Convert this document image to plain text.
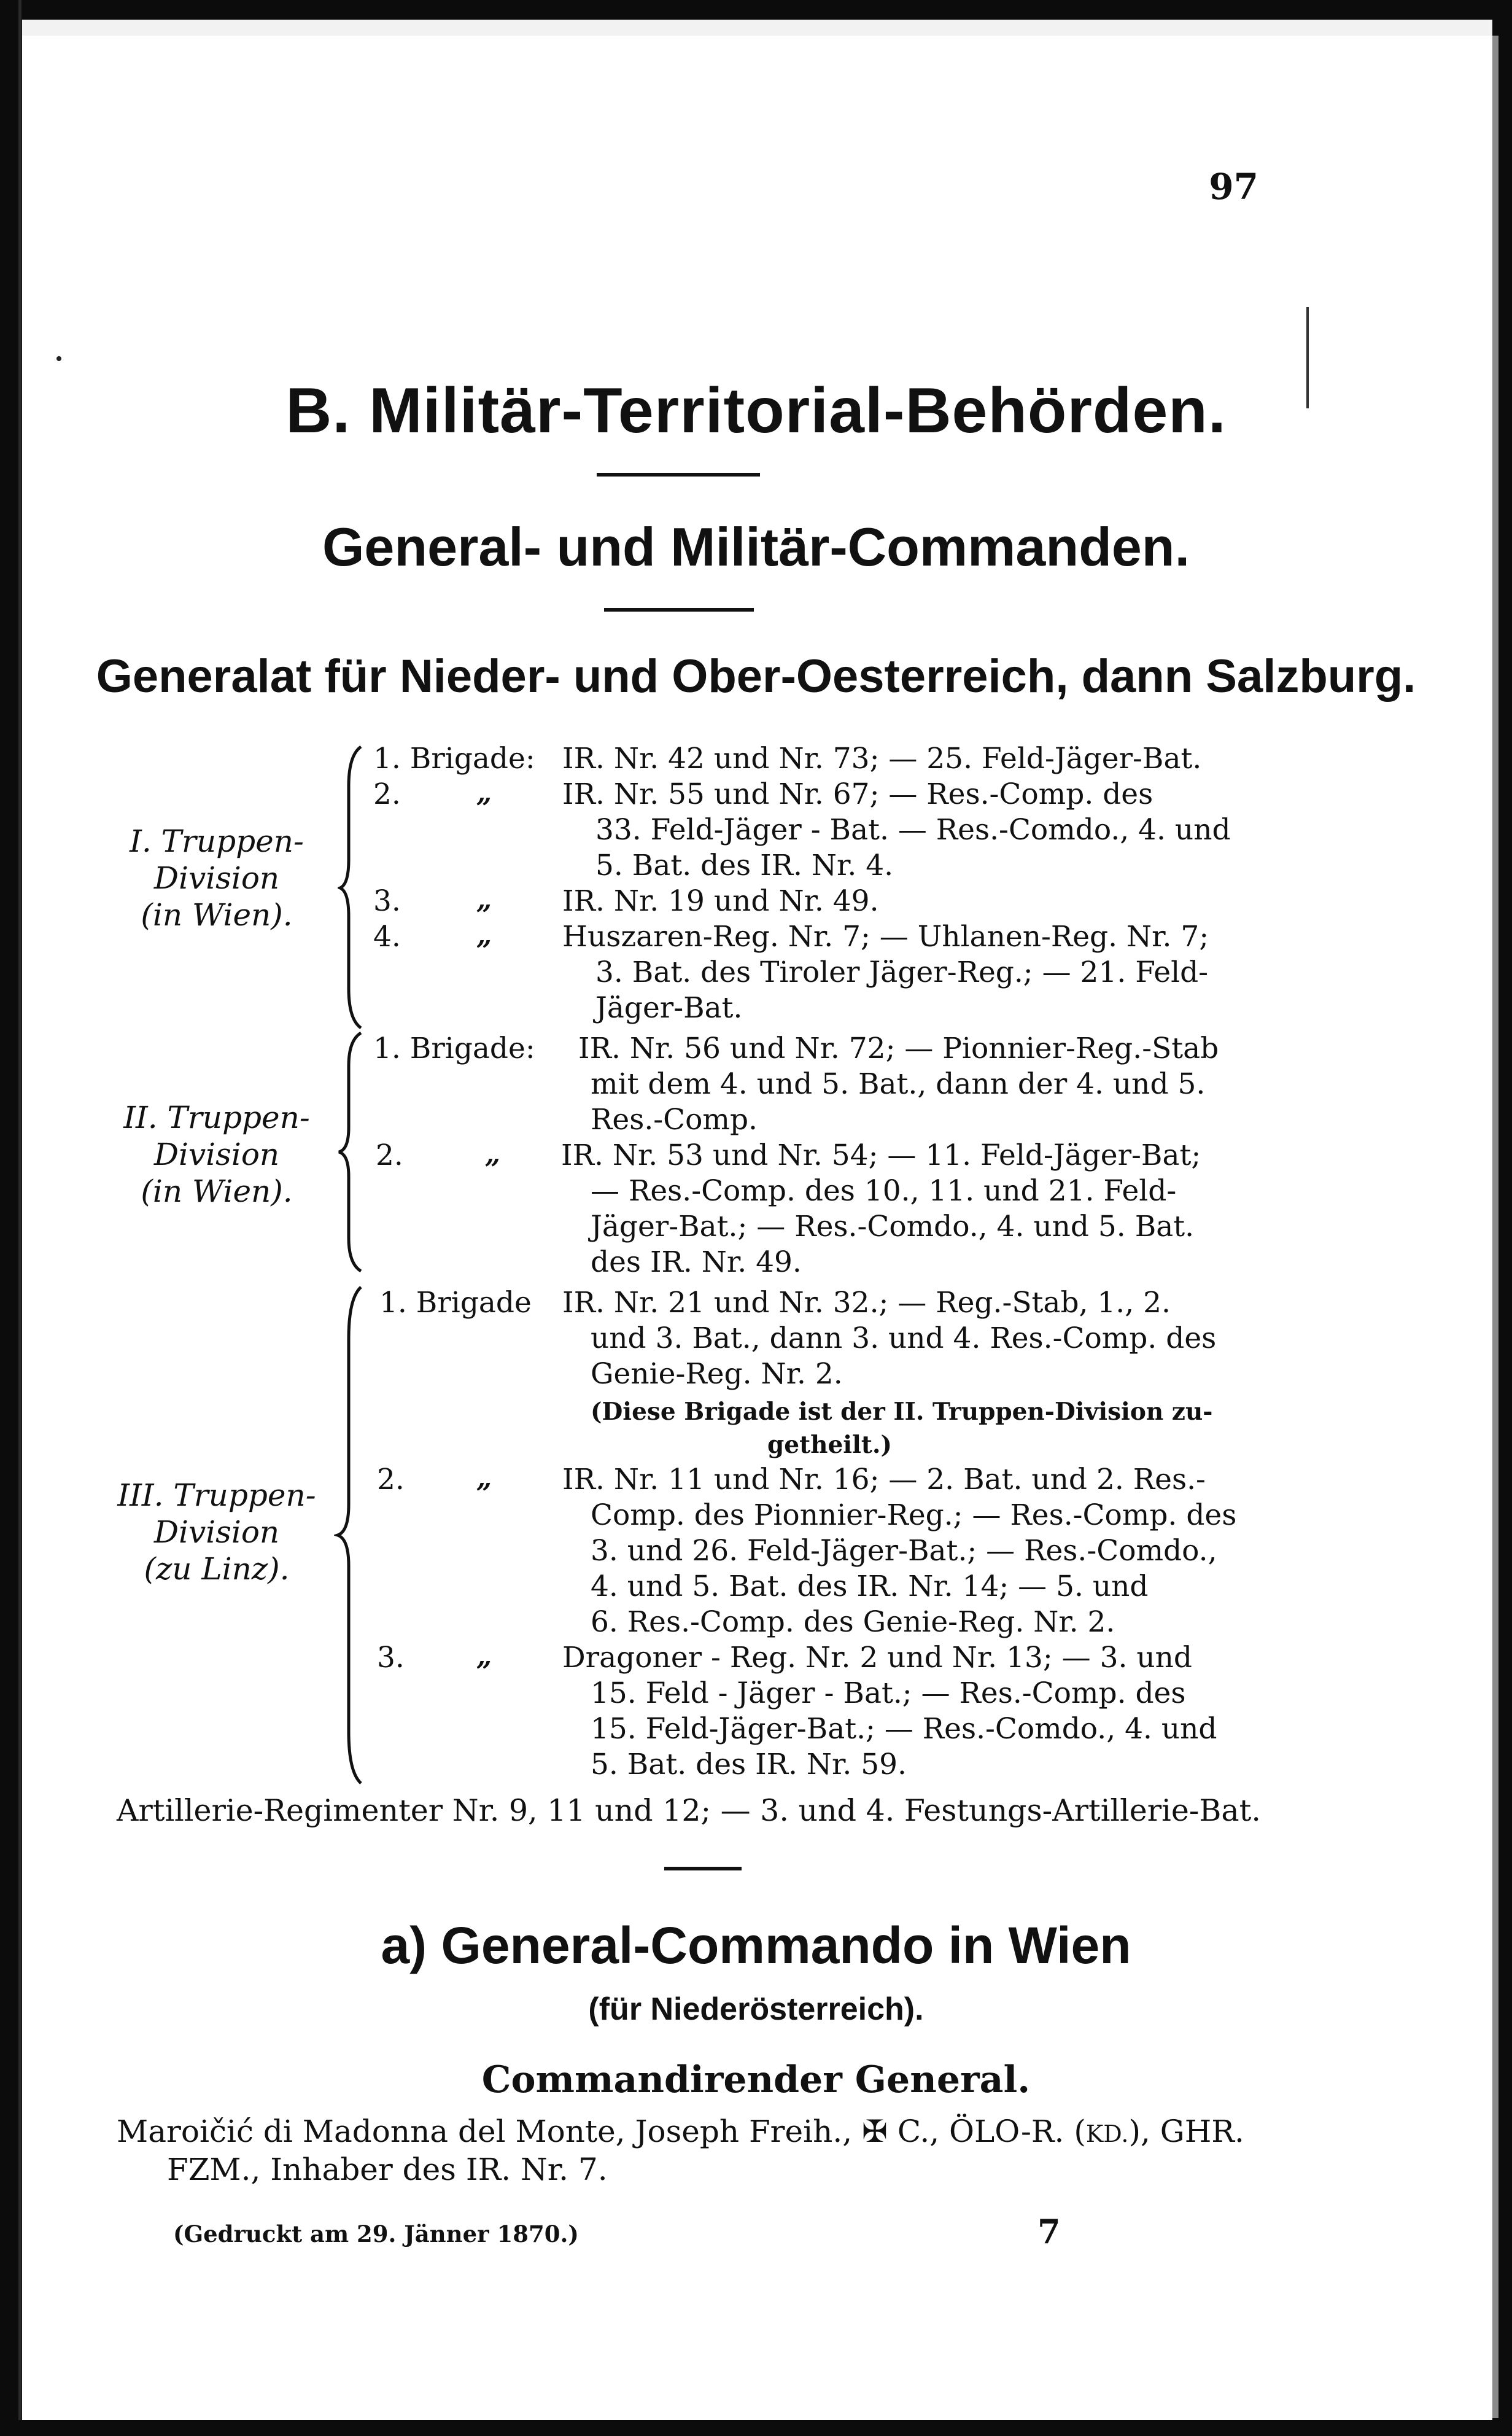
97
B. Militär-Territorial-Behörden.
General- und Militär-Commanden.
Generalat für Nieder- und Ober-Oesterreich, dann Salzburg.
I. Truppen-
Division
(in Wien).
1. Brigade: IR. Nr. 42 und Nr. 73; — 25. Feld-Jäger-Bat.
2.	„ IR. Nr. 55 und Nr. 67; — Res.-Comp. des
33. Feld-Jäger - Bat. — Res.-Comdo., 4. und
5. Bat. des IR. Nr. 4.
3.	„ IR. Nr. 19 und Nr. 49.
4.	„ Huszaren-Reg. Nr. 7; — Uhlanen-Reg. Nr. 7;
3. Bat. des Tiroler Jäger-Reg.; — 21. Feld-
Jäger-Bat.
II. Truppen-
Division
(in Wien).
1. Brigade: IR. Nr. 56 und Nr. 72; — Pionnier-Reg.-Stab
mit dem 4. und 5. Bat., dann der 4. und 5.
Res.-Comp.
2.	„ IR. Nr. 53 und Nr. 54; — 11. Feld-Jäger-Bat;
— Res.-Comp. des 10., 11. und 21. Feld-
Jäger-Bat.; — Res.-Comdo., 4. und 5. Bat.
des IR. Nr. 49.
III. Truppen-
Division
(zu Linz).
1. Brigade IR. Nr. 21 und Nr. 32.; — Reg.-Stab, 1., 2.
und 3. Bat., dann 3. und 4. Res.-Comp. des
Genie-Reg. Nr. 2.
(Diese Brigade ist der II. Truppen-Division zu-
getheilt.)
2.	„ IR. Nr. 11 und Nr. 16; — 2. Bat. und 2. Res.-
Comp. des Pionnier-Reg.; — Res.-Comp. des
3. und 26. Feld-Jäger-Bat.; — Res.-Comdo.,
4. und 5. Bat. des IR. Nr. 14; — 5. und
6. Res.-Comp. des Genie-Reg. Nr. 2.
3.	„ Dragoner - Reg. Nr. 2 und Nr. 13; — 3. und
15. Feld - Jäger - Bat.; — Res.-Comp. des
15. Feld-Jäger-Bat.; — Res.-Comdo., 4. und
5. Bat. des IR. Nr. 59.
Artillerie-Regimenter Nr. 9, 11 und 12; — 3. und 4. Festungs-Artillerie-Bat.
a) General-Commando in Wien
(für Niederösterreich).
Commandirender General.
Maroičić di Madonna del Monte, Joseph Freih., ✠ C., ÖLO-R. (KD.), GHR.
FZM., Inhaber des IR. Nr. 7.
(Gedruckt am 29. Jänner 1870.)	7
